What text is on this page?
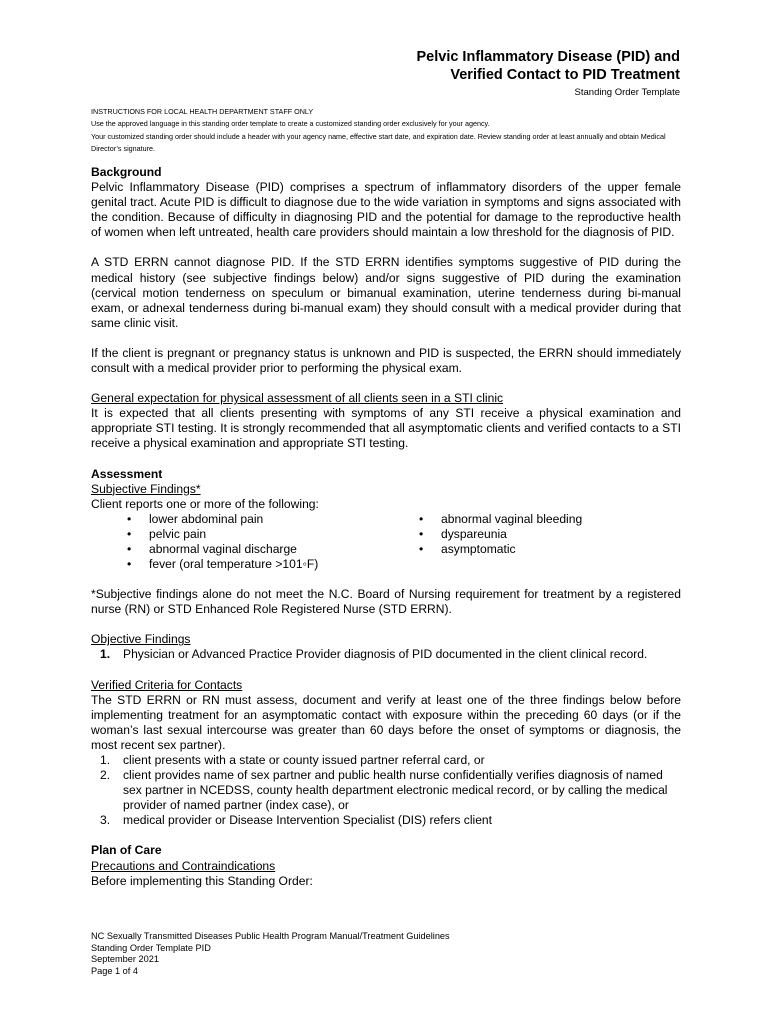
Pelvic Inflammatory Disease (PID) and
Verified Contact to PID Treatment
Standing Order Template
INSTRUCTIONS FOR LOCAL HEALTH DEPARTMENT STAFF ONLY
Use the approved language in this standing order template to create a customized standing order exclusively for your agency.
Your customized standing order should include a header with your agency name, effective start date, and expiration date. Review standing order at least annually and obtain Medical Director’s signature.

Background

Pelvic Inflammatory Disease (PID) comprises a spectrum of inflammatory disorders of the upper female genital tract. Acute PID is difficult to diagnose due to the wide variation in symptoms and signs associated with the condition. Because of difficulty in diagnosing PID and the potential for damage to the reproductive health of women when left untreated, health care providers should maintain a low threshold for the diagnosis of PID.

A STD ERRN cannot diagnose PID. If the STD ERRN identifies symptoms suggestive of PID during the medical history (see subjective findings below) and/or signs suggestive of PID during the examination (cervical motion tenderness on speculum or bimanual examination, uterine tenderness during bi-manual exam, or adnexal tenderness during bi-manual exam) they should consult with a medical provider during that same clinic visit.

If the client is pregnant or pregnancy status is unknown and PID is suspected, the ERRN should immediately consult with a medical provider prior to performing the physical exam.

General expectation for physical assessment of all clients seen in a STI clinic

It is expected that all clients presenting with symptoms of any STI receive a physical examination and appropriate STI testing. It is strongly recommended that all asymptomatic clients and verified contacts to a STI receive a physical examination and appropriate STI testing.

Assessment

Subjective Findings*

Client reports one or more of the following:

• lower abdominal pain
• pelvic pain
• abnormal vaginal discharge
• fever (oral temperature >101◦F)
• abnormal vaginal bleeding
• dyspareunia
• asymptomatic

*Subjective findings alone do not meet the N.C. Board of Nursing requirement for treatment by a registered nurse (RN) or STD Enhanced Role Registered Nurse (STD ERRN).

Objective Findings

1. Physician or Advanced Practice Provider diagnosis of PID documented in the client clinical record.

Verified Criteria for Contacts

The STD ERRN or RN must assess, document and verify at least one of the three findings below before implementing treatment for an asymptomatic contact with exposure within the preceding 60 days (or if the woman’s last sexual intercourse was greater than 60 days before the onset of symptoms or diagnosis, the most recent sex partner).

1. client presents with a state or county issued partner referral card, or
2. client provides name of sex partner and public health nurse confidentially verifies diagnosis of named sex partner in NCEDSS, county health department electronic medical record, or by calling the medical provider of named partner (index case), or
3. medical provider or Disease Intervention Specialist (DIS) refers client

Plan of Care

Precautions and Contraindications

Before implementing this Standing Order:

NC Sexually Transmitted Diseases Public Health Program Manual/Treatment Guidelines
Standing Order Template PID
September 2021
Page 1 of 4
